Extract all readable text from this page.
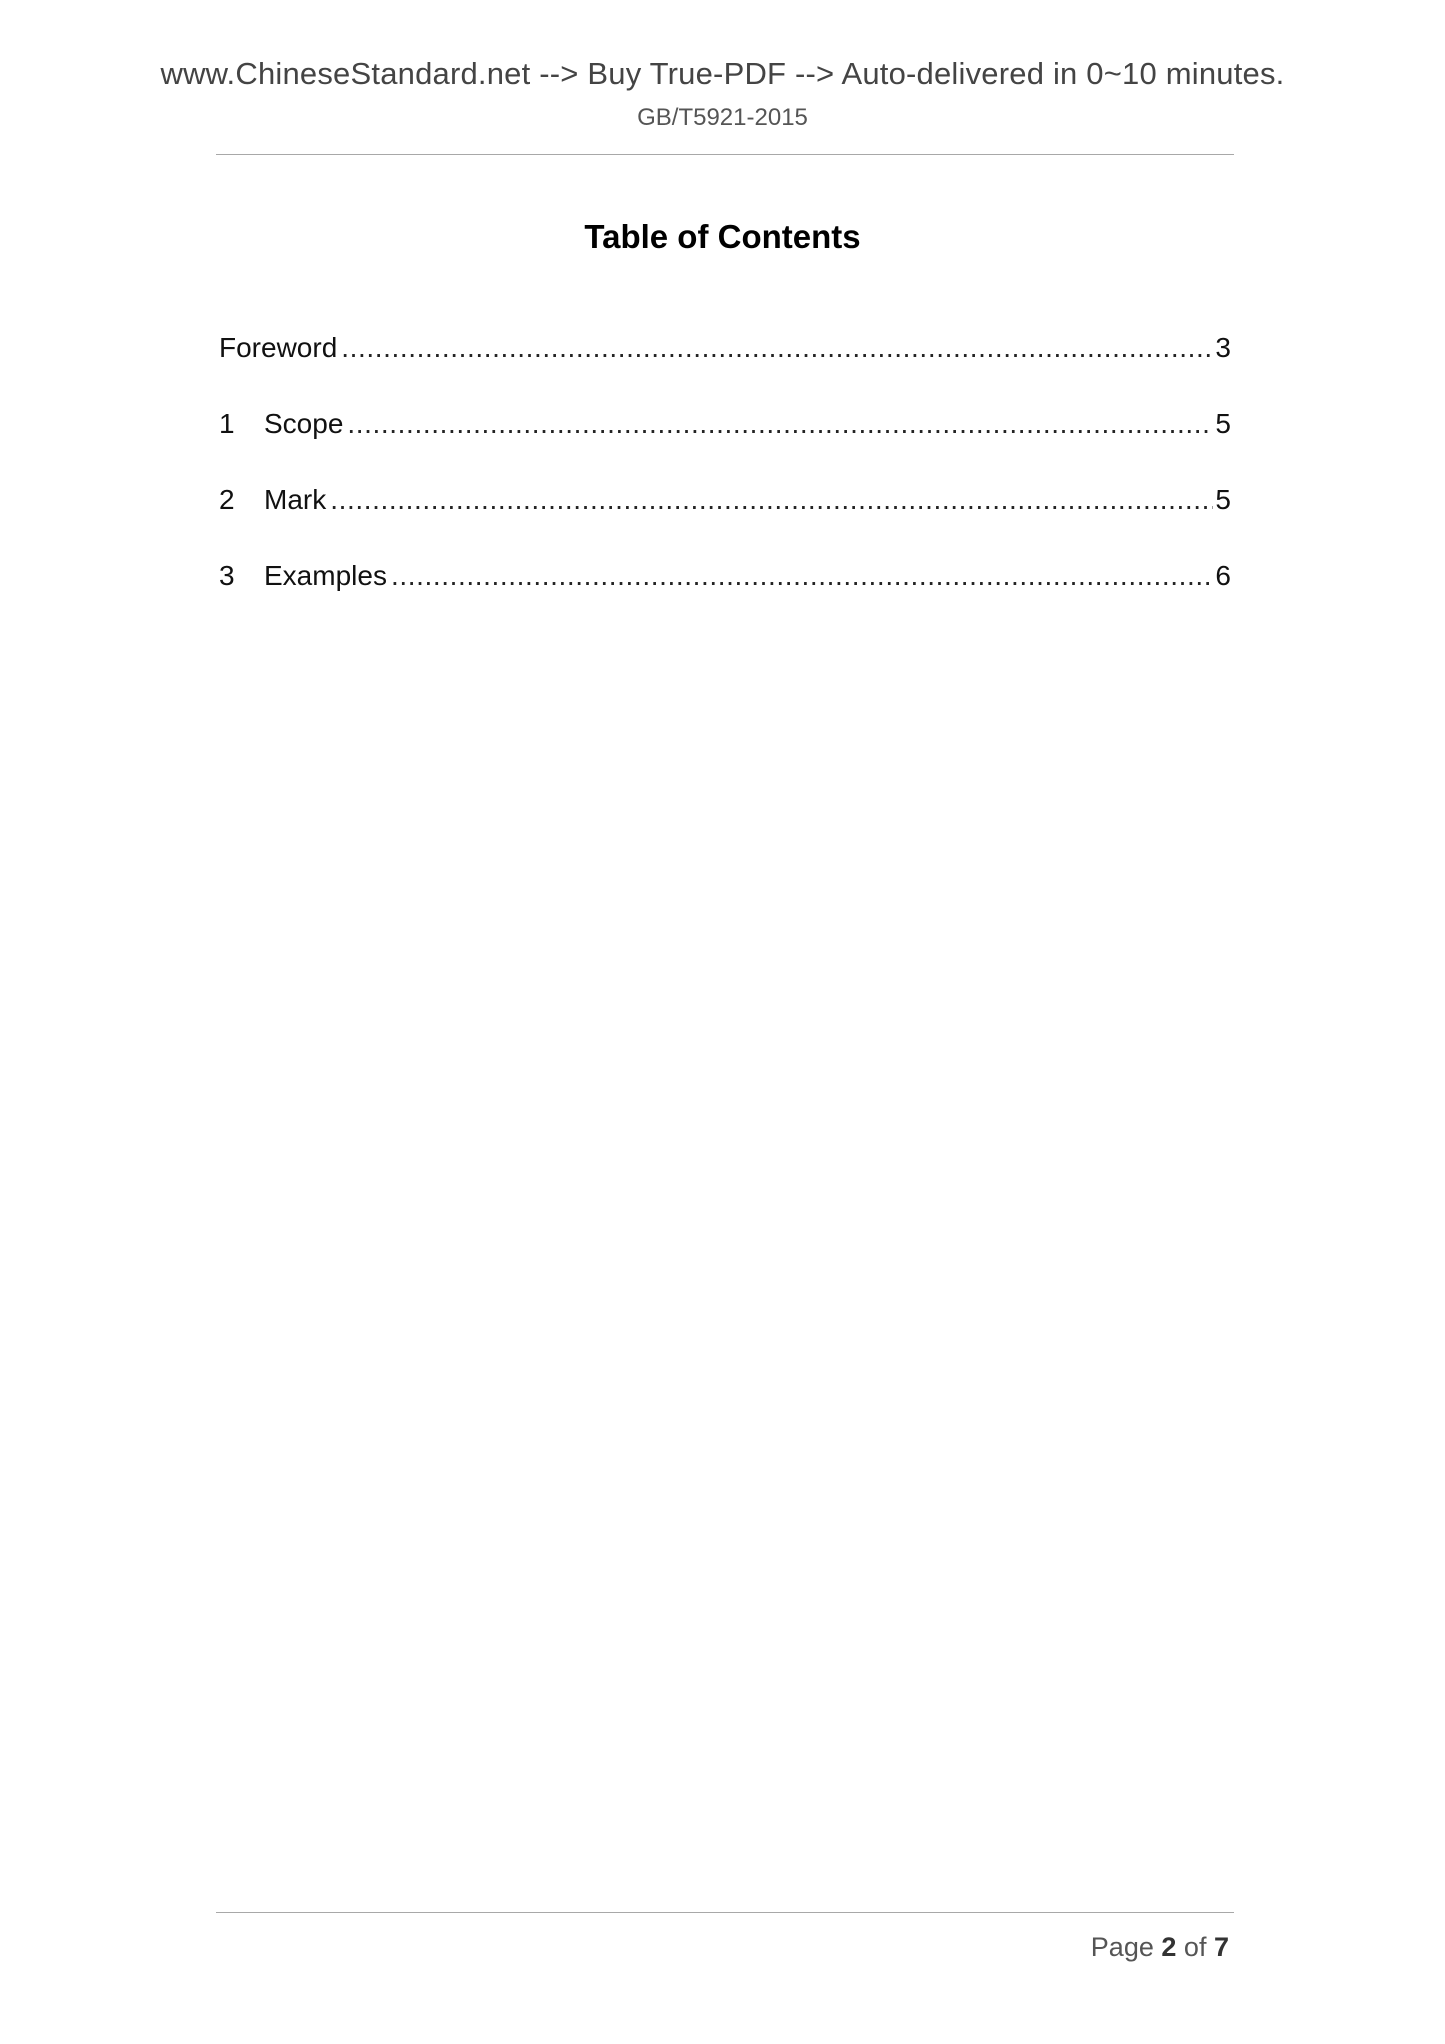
www.ChineseStandard.net --> Buy True-PDF --> Auto-delivered in 0~10 minutes.
GB/T5921-2015
Table of Contents
Foreword .....	3
1	Scope .....	5
2	Mark .....	5
3	Examples .....	6
Page 2 of 7
